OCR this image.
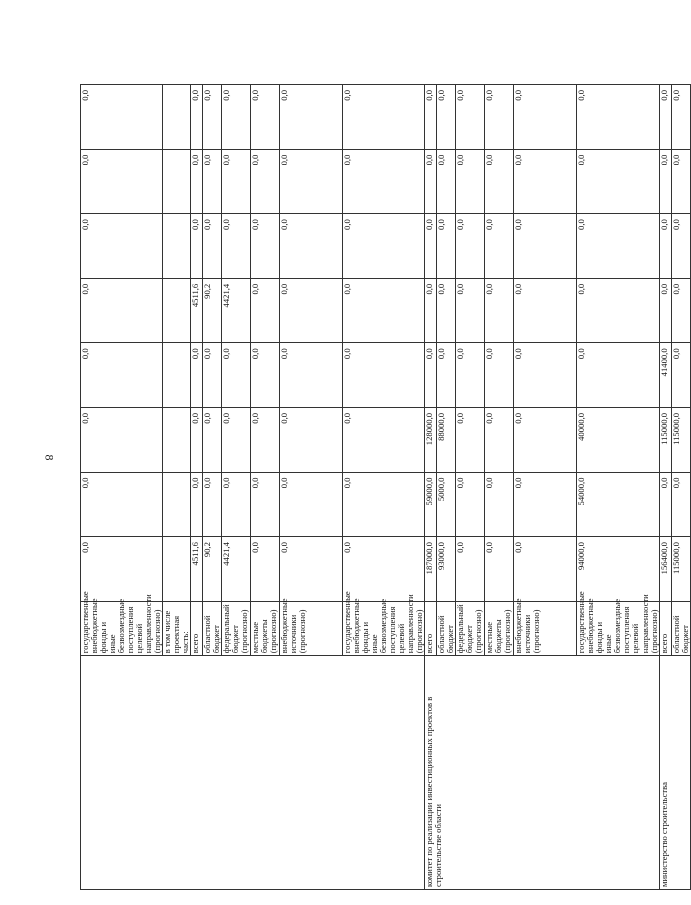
8
	государственные внебюджетные фонды и иные безвозмездные поступления целевой направленности (прогнозно)	0,0	0,0	0,0	0,0	0,0	0,0	0,0	0,0
	в том числе проектная часть:								
	всего	4511,6	0,0	0,0	0,0	4511,6	0,0	0,0	0,0
	областной бюджет	90,2	0,0	0,0	0,0	90,2	0,0	0,0	0,0
	федеральный бюджет (прогнозно)	4421,4	0,0	0,0	0,0	4421,4	0,0	0,0	0,0
	местные бюджеты (прогнозно)	0,0	0,0	0,0	0,0	0,0	0,0	0,0	0,0
	внебюджетные источники (прогнозно)	0,0	0,0	0,0	0,0	0,0	0,0	0,0	0,0
	государственные внебюджетные фонды и иные безвозмездные поступления целевой направленности (прогнозно)	0,0	0,0	0,0	0,0	0,0	0,0	0,0	0,0
комитет по реализации инвестиционных проектов в строительстве области	всего	187000,0	59000,0	128000,0	0,0	0,0	0,0	0,0	0,0
	областной бюджет	93000,0	5000,0	88000,0	0,0	0,0	0,0	0,0	0,0
	федеральный бюджет (прогнозно)	0,0	0,0	0,0	0,0	0,0	0,0	0,0	0,0
	местные бюджеты (прогнозно)	0,0	0,0	0,0	0,0	0,0	0,0	0,0	0,0
	внебюджетные источники (прогнозно)	0,0	0,0	0,0	0,0	0,0	0,0	0,0	0,0
	государственные внебюджетные фонды и иные безвозмездные поступления целевой направленности (прогнозно)	94000,0	54000,0	40000,0	0,0	0,0	0,0	0,0	0,0
министерство строительства	всего	156400,0	0,0	115000,0	41400,0	0,0	0,0	0,0	0,0
	областной бюджет	115000,0	0,0	115000,0	0,0	0,0	0,0	0,0	0,0
